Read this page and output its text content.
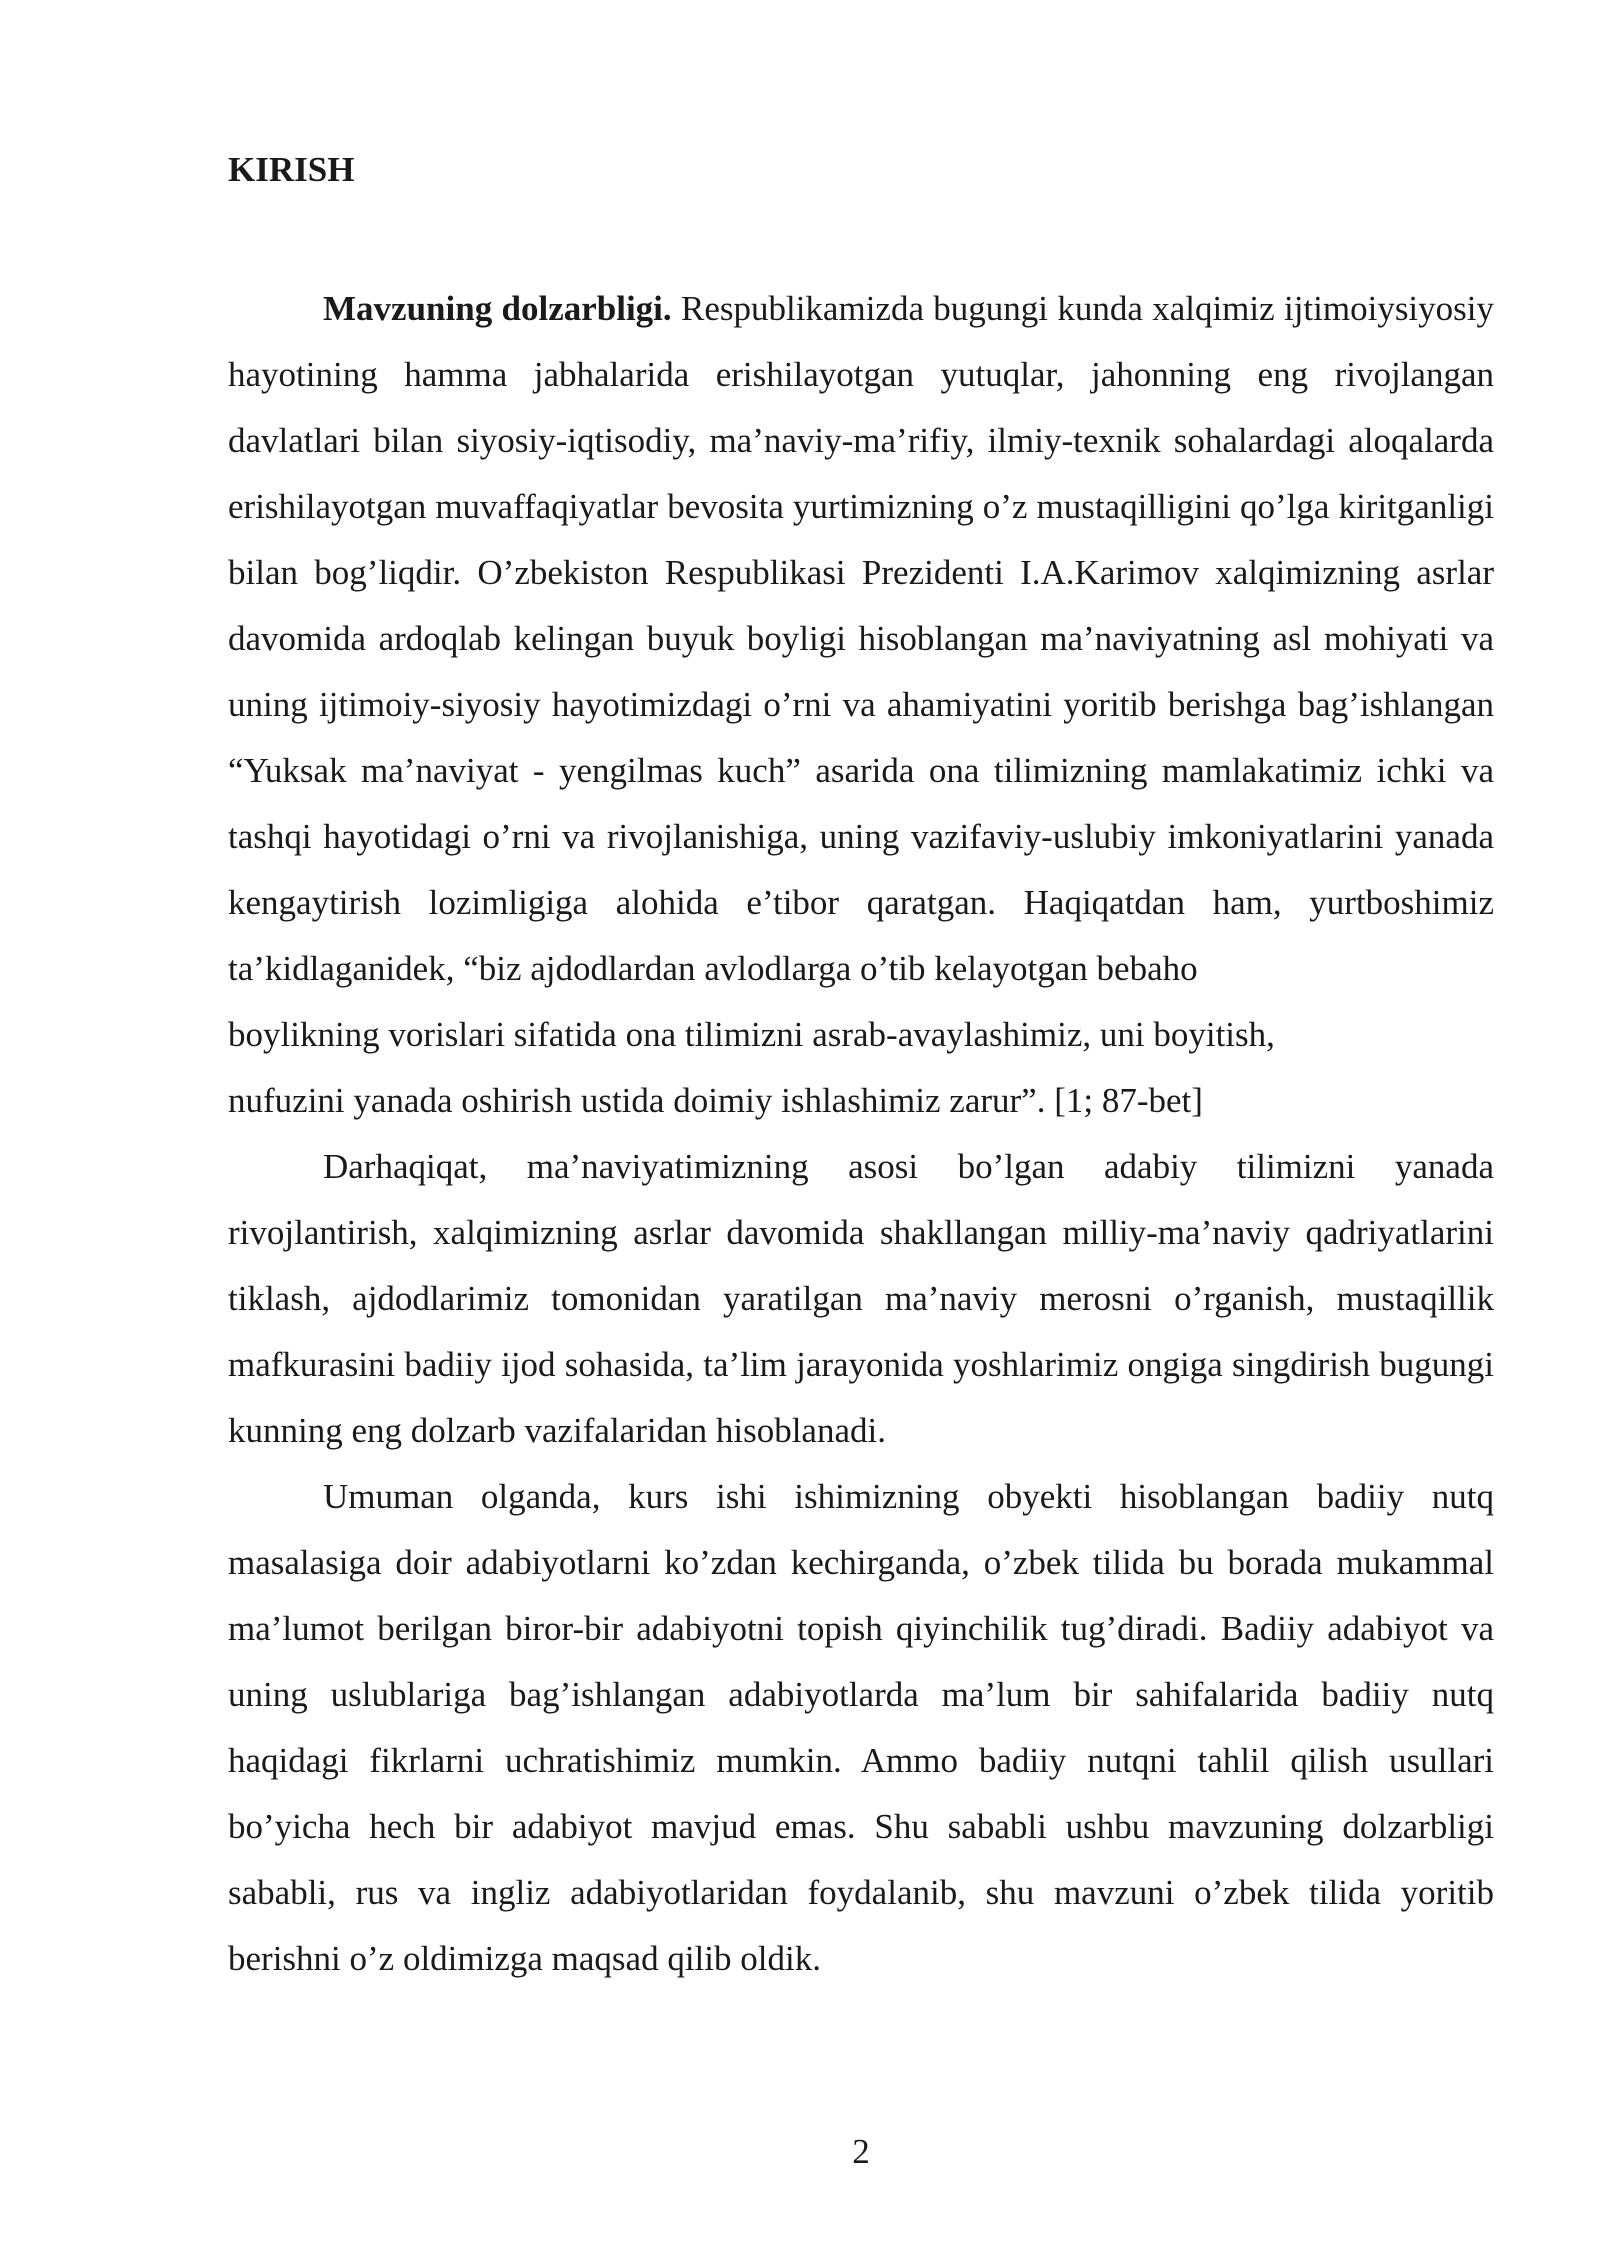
KIRISH

Mavzuning dolzarbligi. Respublikamizda bugungi kunda xalqimiz ijtimoiysiyosiy hayotining hamma jabhalarida erishilayotgan yutuqlar, jahonning eng rivojlangan davlatlari bilan siyosiy-iqtisodiy, ma’naviy-ma’rifiy, ilmiy-texnik sohalardagi aloqalarda erishilayotgan muvaffaqiyatlar bevosita yurtimizning o’z mustaqilligini qo’lga kiritganligi bilan bog’liqdir. O’zbekiston Respublikasi Prezidenti I.A.Karimov xalqimizning asrlar davomida ardoqlab kelingan buyuk boyligi hisoblangan ma’naviyatning asl mohiyati va uning ijtimoiy-siyosiy hayotimizdagi o’rni va ahamiyatini yoritib berishga bag’ishlangan “Yuksak ma’naviyat - yengilmas kuch” asarida ona tilimizning mamlakatimiz ichki va tashqi hayotidagi o’rni va rivojlanishiga, uning vazifaviy-uslubiy imkoniyatlarini yanada kengaytirish lozimligiga alohida e’tibor qaratgan. Haqiqatdan ham, yurtboshimiz ta’kidlaganidek, “biz ajdodlardan avlodlarga o’tib kelayotgan bebaho

boylikning vorislari sifatida ona tilimizni asrab-avaylashimiz, uni boyitish,

nufuzini yanada oshirish ustida doimiy ishlashimiz zarur”. [1; 87-bet]

Darhaqiqat, ma’naviyatimizning asosi bo’lgan adabiy tilimizni yanada rivojlantirish, xalqimizning asrlar davomida shakllangan milliy-ma’naviy qadriyatlarini tiklash, ajdodlarimiz tomonidan yaratilgan ma’naviy merosni o’rganish, mustaqillik mafkurasini badiiy ijod sohasida, ta’lim jarayonida yoshlarimiz ongiga singdirish bugungi kunning eng dolzarb vazifalaridan hisoblanadi.

Umuman olganda, kurs ishi ishimizning obyekti hisoblangan badiiy nutq masalasiga doir adabiyotlarni ko’zdan kechirganda, o’zbek tilida bu borada mukammal ma’lumot berilgan biror-bir adabiyotni topish qiyinchilik tug’diradi. Badiiy adabiyot va uning uslublariga bag’ishlangan adabiyotlarda ma’lum bir sahifalarida badiiy nutq haqidagi fikrlarni uchratishimiz mumkin. Ammo badiiy nutqni tahlil qilish usullari bo’yicha hech bir adabiyot mavjud emas. Shu sababli ushbu mavzuning dolzarbligi sababli, rus va ingliz adabiyotlaridan foydalanib, shu mavzuni o’zbek tilida yoritib berishni o’z oldimizga maqsad qilib oldik.

2
